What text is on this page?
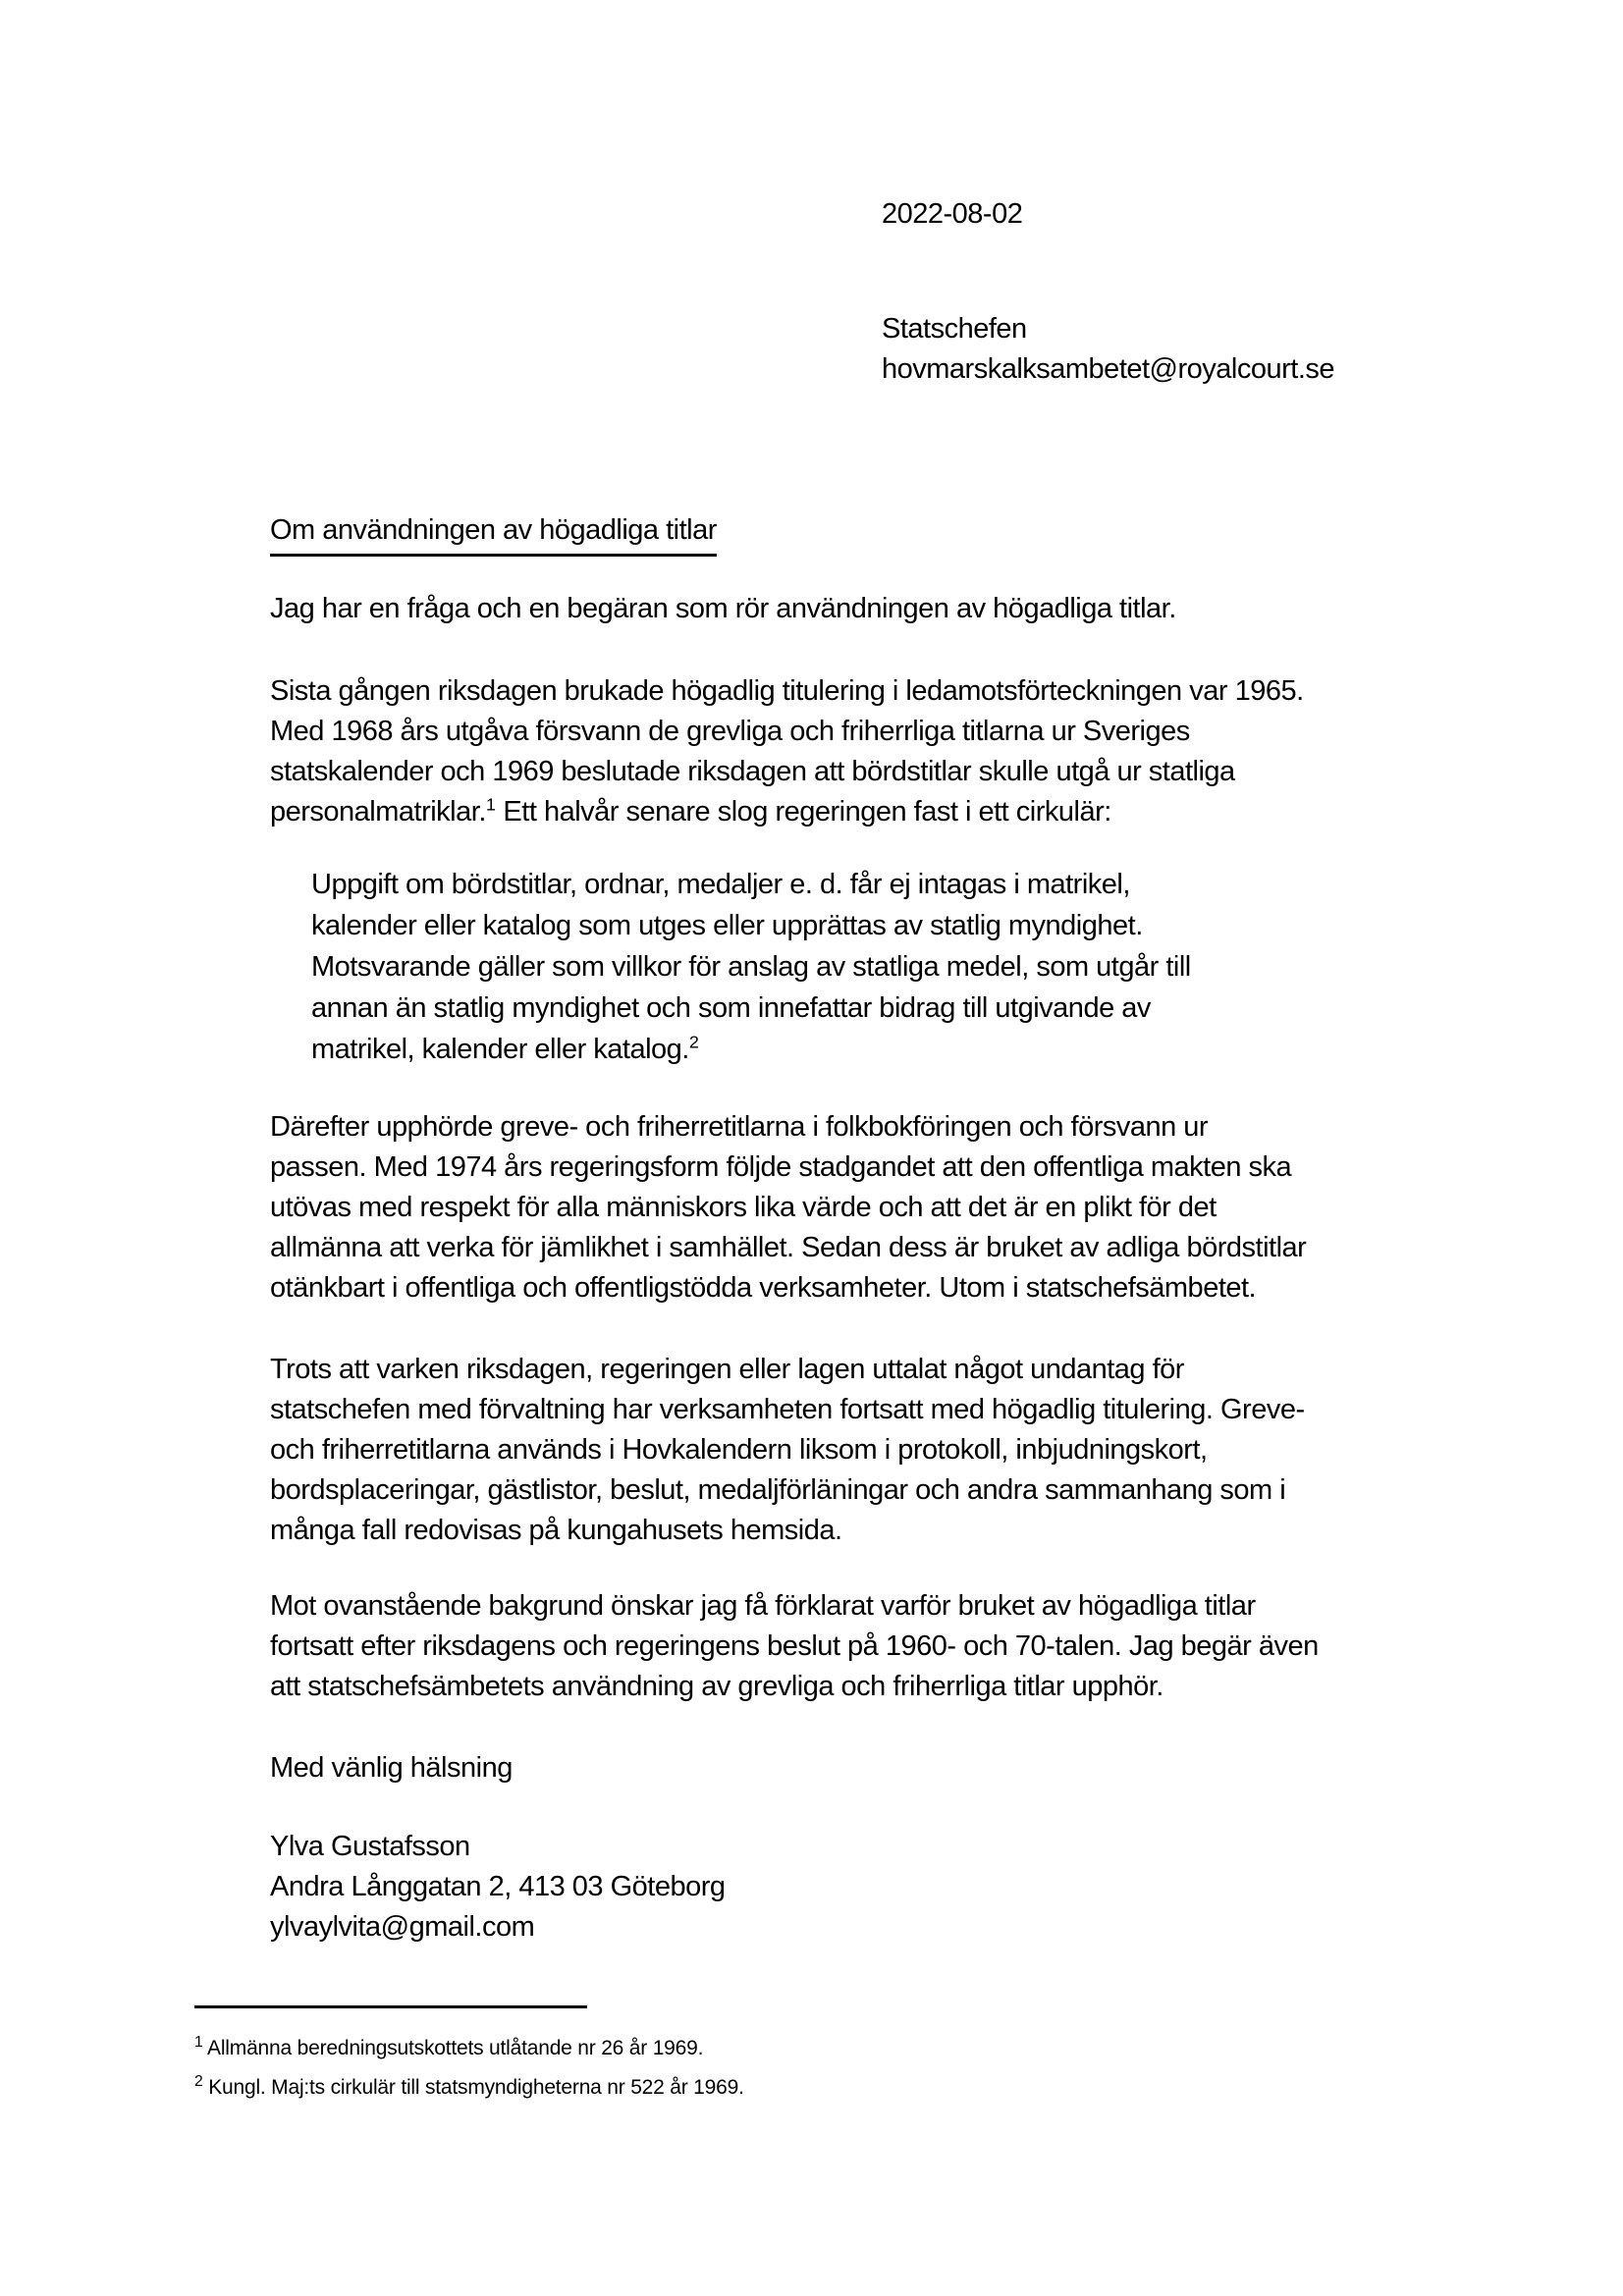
2022-08-02
Statschefen
hovmarskalksambetet@royalcourt.se
Om användningen av högadliga titlar
Jag har en fråga och en begäran som rör användningen av högadliga titlar.
Sista gången riksdagen brukade högadlig titulering i ledamotsförteckningen var 1965.
Med 1968 års utgåva försvann de grevliga och friherrliga titlarna ur Sveriges
statskalender och 1969 beslutade riksdagen att bördstitlar skulle utgå ur statliga
personalmatriklar.$^1$ Ett halvår senare slog regeringen fast i ett cirkulär:
Uppgift om bördstitlar, ordnar, medaljer e. d. får ej intagas i matrikel,
kalender eller katalog som utges eller upprättas av statlig myndighet.
Motsvarande gäller som villkor för anslag av statliga medel, som utgår till
annan än statlig myndighet och som innefattar bidrag till utgivande av
matrikel, kalender eller katalog.$^2$
Därefter upphörde greve- och friherretitlarna i folkbokföringen och försvann ur
passen. Med 1974 års regeringsform följde stadgandet att den offentliga makten ska
utövas med respekt för alla människors lika värde och att det är en plikt för det
allmänna att verka för jämlikhet i samhället. Sedan dess är bruket av adliga bördstitlar
otänkbart i offentliga och offentligstödda verksamheter. Utom i statschefsämbetet.
Trots att varken riksdagen, regeringen eller lagen uttalat något undantag för
statschefen med förvaltning har verksamheten fortsatt med högadlig titulering. Greve-
och friherretitlarna används i Hovkalendern liksom i protokoll, inbjudningskort,
bordsplaceringar, gästlistor, beslut, medaljförläningar och andra sammanhang som i
många fall redovisas på kungahusets hemsida.
Mot ovanstående bakgrund önskar jag få förklarat varför bruket av högadliga titlar
fortsatt efter riksdagens och regeringens beslut på 1960- och 70-talen. Jag begär även
att statschefsämbetets användning av grevliga och friherrliga titlar upphör.
Med vänlig hälsning
Ylva Gustafsson
Andra Långgatan 2, 413 03 Göteborg
ylvaylvita@gmail.com
$^1$ Allmänna beredningsutskottets utlåtande nr 26 år 1969.
$^2$ Kungl. Maj:ts cirkulär till statsmyndigheterna nr 522 år 1969.
